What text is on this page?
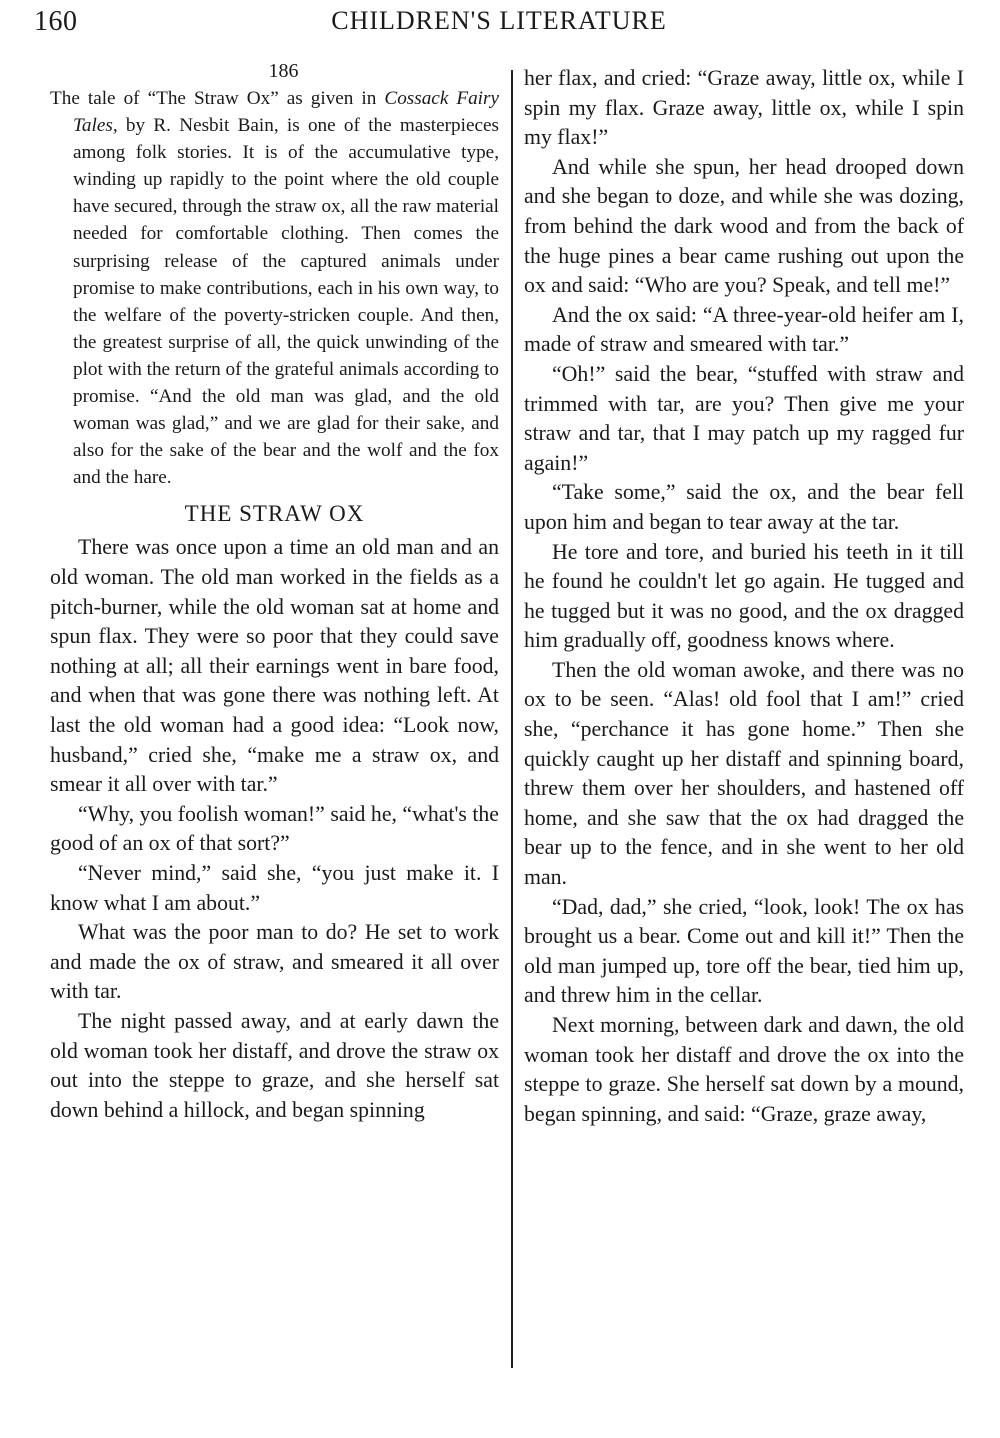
160	CHILDREN'S LITERATURE
186

The tale of “The Straw Ox” as given in Cossack Fairy Tales, by R. Nesbit Bain, is one of the masterpieces among folk stories. It is of the accumulative type, winding up rapidly to the point where the old couple have secured, through the straw ox, all the raw material needed for comfortable clothing. Then comes the surprising release of the captured animals under promise to make contributions, each in his own way, to the welfare of the poverty-stricken couple. And then, the greatest surprise of all, the quick unwinding of the plot with the return of the grateful animals according to promise. “And the old man was glad, and the old woman was glad,” and we are glad for their sake, and also for the sake of the bear and the wolf and the fox and the hare.

THE STRAW OX

There was once upon a time an old man and an old woman. The old man worked in the fields as a pitch-burner, while the old woman sat at home and spun flax. They were so poor that they could save nothing at all; all their earnings went in bare food, and when that was gone there was nothing left. At last the old woman had a good idea: “Look now, husband,” cried she, “make me a straw ox, and smear it all over with tar.”

“Why, you foolish woman!” said he, “what's the good of an ox of that sort?”

“Never mind,” said she, “you just make it. I know what I am about.”

What was the poor man to do? He set to work and made the ox of straw, and smeared it all over with tar.

The night passed away, and at early dawn the old woman took her distaff, and drove the straw ox out into the steppe to graze, and she herself sat down behind a hillock, and began spinning

her flax, and cried: “Graze away, little ox, while I spin my flax. Graze away, little ox, while I spin my flax!”

And while she spun, her head drooped down and she began to doze, and while she was dozing, from behind the dark wood and from the back of the huge pines a bear came rushing out upon the ox and said: “Who are you? Speak, and tell me!”

And the ox said: “A three-year-old heifer am I, made of straw and smeared with tar.”

“Oh!” said the bear, “stuffed with straw and trimmed with tar, are you? Then give me your straw and tar, that I may patch up my ragged fur again!”

“Take some,” said the ox, and the bear fell upon him and began to tear away at the tar.

He tore and tore, and buried his teeth in it till he found he couldn't let go again. He tugged and he tugged but it was no good, and the ox dragged him gradually off, goodness knows where.

Then the old woman awoke, and there was no ox to be seen. “Alas! old fool that I am!” cried she, “perchance it has gone home.” Then she quickly caught up her distaff and spinning board, threw them over her shoulders, and hastened off home, and she saw that the ox had dragged the bear up to the fence, and in she went to her old man.

“Dad, dad,” she cried, “look, look! The ox has brought us a bear. Come out and kill it!” Then the old man jumped up, tore off the bear, tied him up, and threw him in the cellar.

Next morning, between dark and dawn, the old woman took her distaff and drove the ox into the steppe to graze. She herself sat down by a mound, began spinning, and said: “Graze, graze away,
